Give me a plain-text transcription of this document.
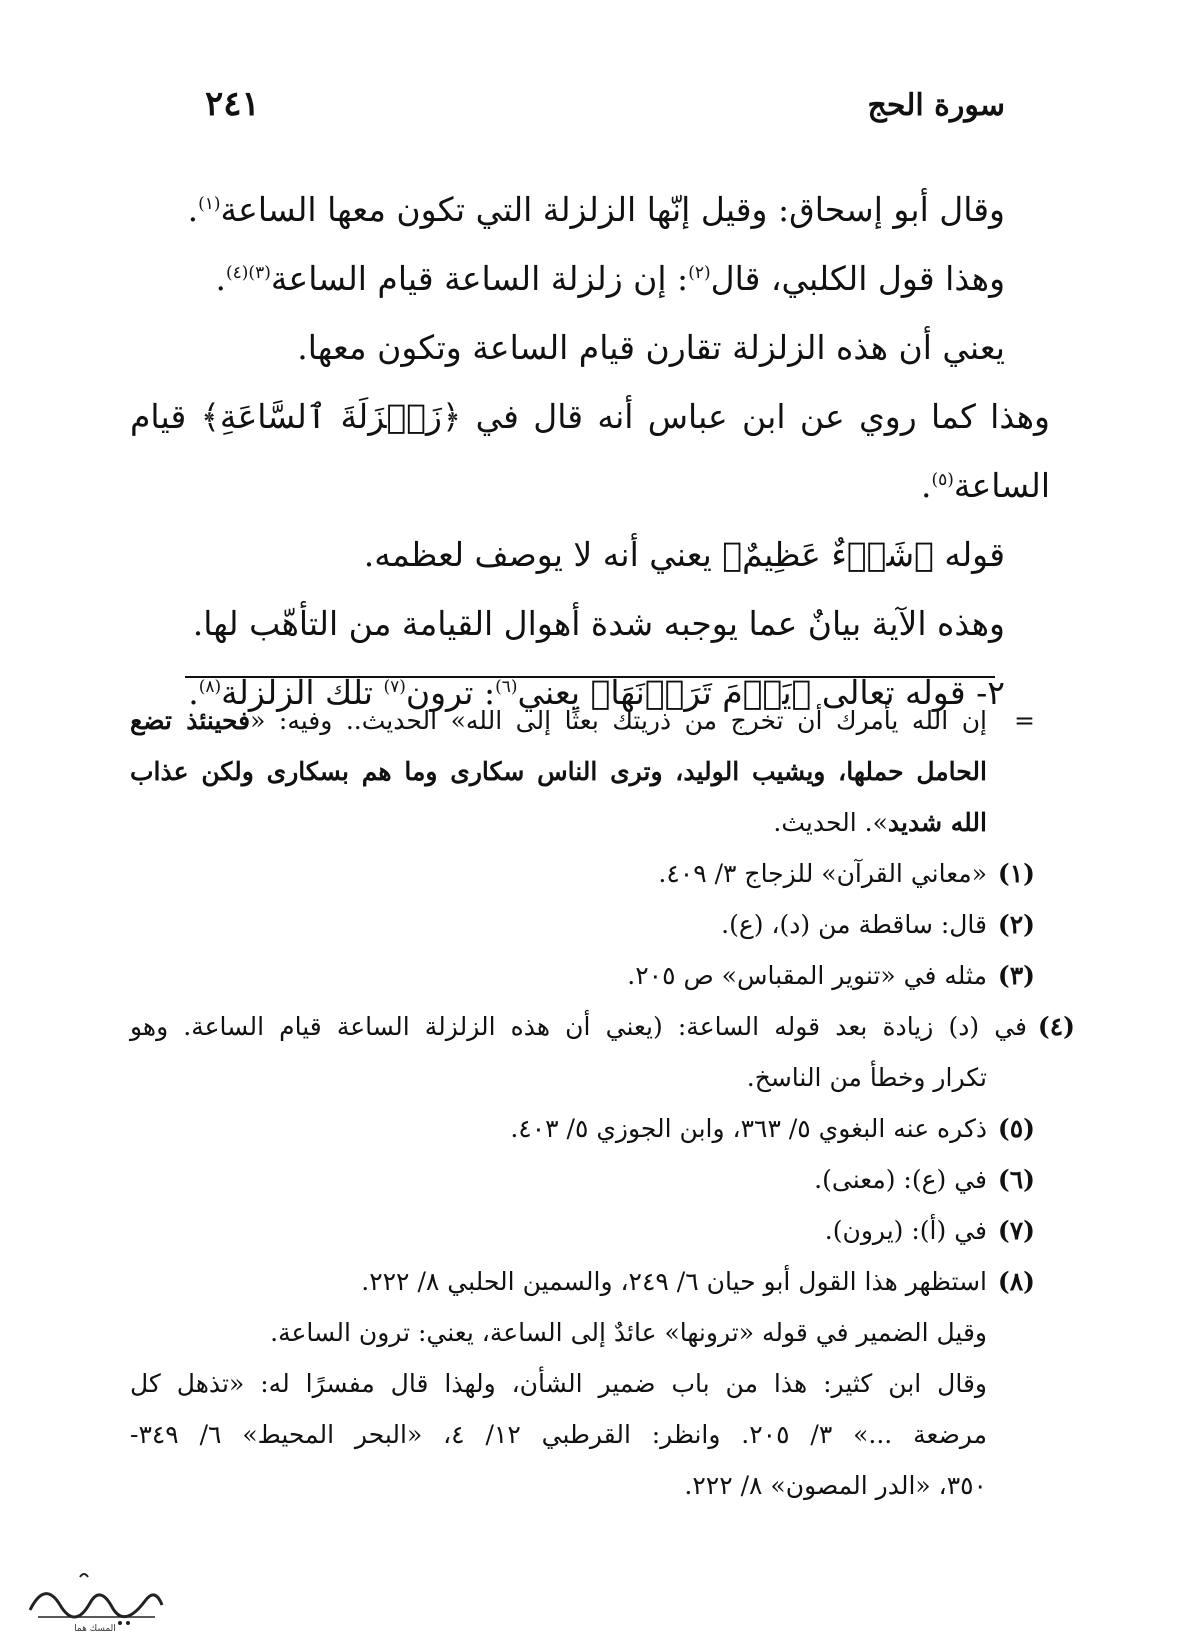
سورة الحج
٢٤١
وقال أبو إسحاق: وقيل إنّها الزلزلة التي تكون معها الساعة$^{(١)}$.
وهذا قول الكلبي، قال$^{(٢)}$: إن زلزلة الساعة قيام الساعة$^{(٣)(٤)}$.
يعني أن هذه الزلزلة تقارن قيام الساعة وتكون معها.
وهذا كما روي عن ابن عباس أنه قال في ﴿زَلۡزَلَةَ ٱلسَّاعَةِ﴾ قيام
الساعة$^{(٥)}$.
قوله ﴿شَيۡءٌ عَظِيمٌ﴾ يعني أنه لا يوصف لعظمه.
وهذه الآية بيانٌ عما يوجبه شدة أهوال القيامة من التأهّب لها.
٢- قوله تعالى ﴿يَوۡمَ تَرَوۡنَهَا﴾ يعني$^{(٦)}$: ترون$^{(٧)}$ تلك الزلزلة$^{(٨)}$.
=إن الله يأمرك أن تخرج من ذريتك بعثًا إلى الله» الحديث.. وفيه: «فحينئذ تضع
الحامل حملها، ويشيب الوليد، وترى الناس سكارى وما هم بسكارى ولكن عذاب
الله شديد». الحديث.
(١)«معاني القرآن» للزجاج ٣/ ٤٠٩.
(٢)قال: ساقطة من (د)، (ع).
(٣)مثله في «تنوير المقباس» ص ٢٠٥.
(٤)في (د) زيادة بعد قوله الساعة: (يعني أن هذه الزلزلة الساعة قيام الساعة. وهو
تكرار وخطأ من الناسخ.
(٥)ذكره عنه البغوي ٥/ ٣٦٣، وابن الجوزي ٥/ ٤٠٣.
(٦)في (ع): (معنى).
(٧)في (أ): (يرون).
(٨)استظهر هذا القول أبو حيان ٦/ ٢٤٩، والسمين الحلبي ٨/ ٢٢٢.
وقيل الضمير في قوله «ترونها» عائدٌ إلى الساعة، يعني: ترون الساعة.
وقال ابن كثير: هذا من باب ضمير الشأن، ولهذا قال مفسرًا له: «تذهل كل
مرضعة ...» ٣/ ٢٠٥. وانظر: القرطبي ١٢/ ٤، «البحر المحيط» ٦/ ٣٤٩-
٣٥٠، «الدر المصون» ٨/ ٢٢٢.
المسك هما
